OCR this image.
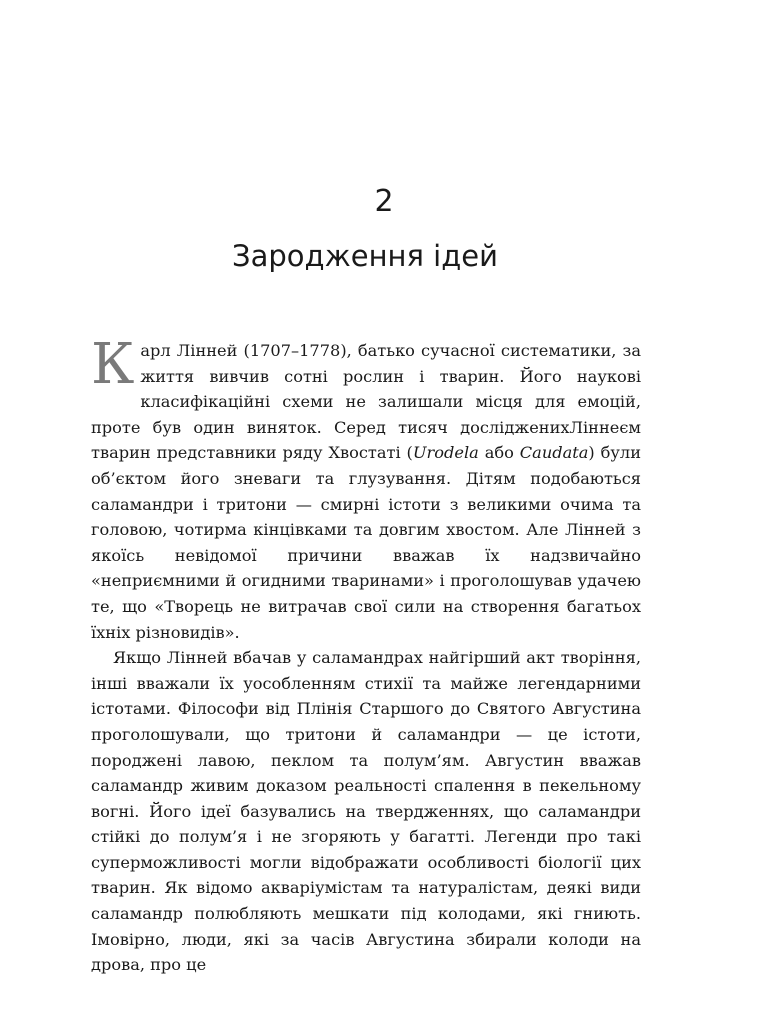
2
Зародження ідей

Карл Лінней (1707–1778), батько сучасної систематики, за життя вивчив сотні рослин і тварин. Його наукові класифікаційні схеми не залишали місця для емоцій, проте був один виняток. Серед тисяч дослідженихЛіннеєм тварин представники ряду Хвостаті (Urodela або Caudata) були об’єктом його зневаги та глузування. Дітям подобаються саламандри і тритони — смирні істоти з великими очима та головою, чотирма кінцівками та довгим хвостом. Але Лінней з якоїсь невідомої причини вважав їх надзвичайно «неприємними й огидними тваринами» і проголошував удачею те, що «Творець не витрачав свої сили на створення багатьох їхніх різновидів».

Якщо Лінней вбачав у саламандрах найгірший акт творіння, інші вважали їх уособленням стихії та майже легендарними істотами. Філософи від Плінія Старшого до Святого Августина проголошували, що тритони й саламандри — це істоти, породжені лавою, пеклом та полум’ям. Августин вважав саламандр живим доказом реальності спалення в пекельному вогні. Його ідеї базувались на твердженнях, що саламандри стійкі до полум’я і не згоряють у багатті. Легенди про такі суперможливості могли відображати особливості біології цих тварин. Як відомо акваріумістам та натуралістам, деякі види саламандр полюбляють мешкати під колодами, які гниють. Імовірно, люди, які за часів Августина збирали колоди на дрова, про це
